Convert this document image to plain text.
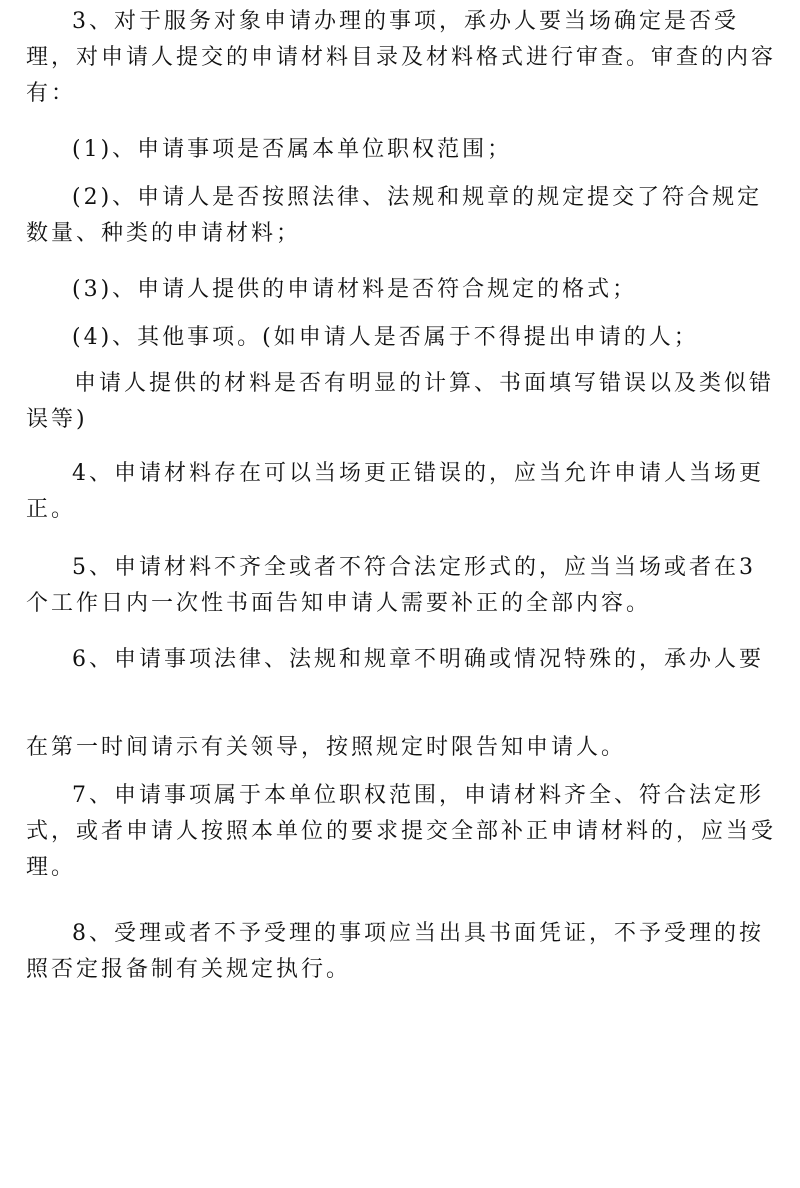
3、对于服务对象申请办理的事项，承办人要当场确定是否受理，对申请人提交的申请材料目录及材料格式进行审查。审查的内容有：

(1)、申请事项是否属本单位职权范围；

(2)、申请人是否按照法律、法规和规章的规定提交了符合规定数量、种类的申请材料；

(3)、申请人提供的申请材料是否符合规定的格式；

(4)、其他事项。(如申请人是否属于不得提出申请的人；

申请人提供的材料是否有明显的计算、书面填写错误以及类似错误等)

4、申请材料存在可以当场更正错误的，应当允许申请人当场更正。

5、申请材料不齐全或者不符合法定形式的，应当当场或者在3个工作日内一次性书面告知申请人需要补正的全部内容。

6、申请事项法律、法规和规章不明确或情况特殊的，承办人要

在第一时间请示有关领导，按照规定时限告知申请人。

7、申请事项属于本单位职权范围，申请材料齐全、符合法定形式，或者申请人按照本单位的要求提交全部补正申请材料的，应当受理。

8、受理或者不予受理的事项应当出具书面凭证，不予受理的按照否定报备制有关规定执行。
